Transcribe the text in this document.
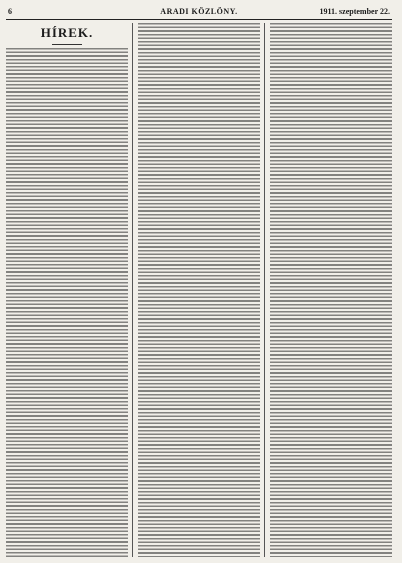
6	ARADI KÖZLÖNY.	1911. szeptember 22.
HÍREK.
